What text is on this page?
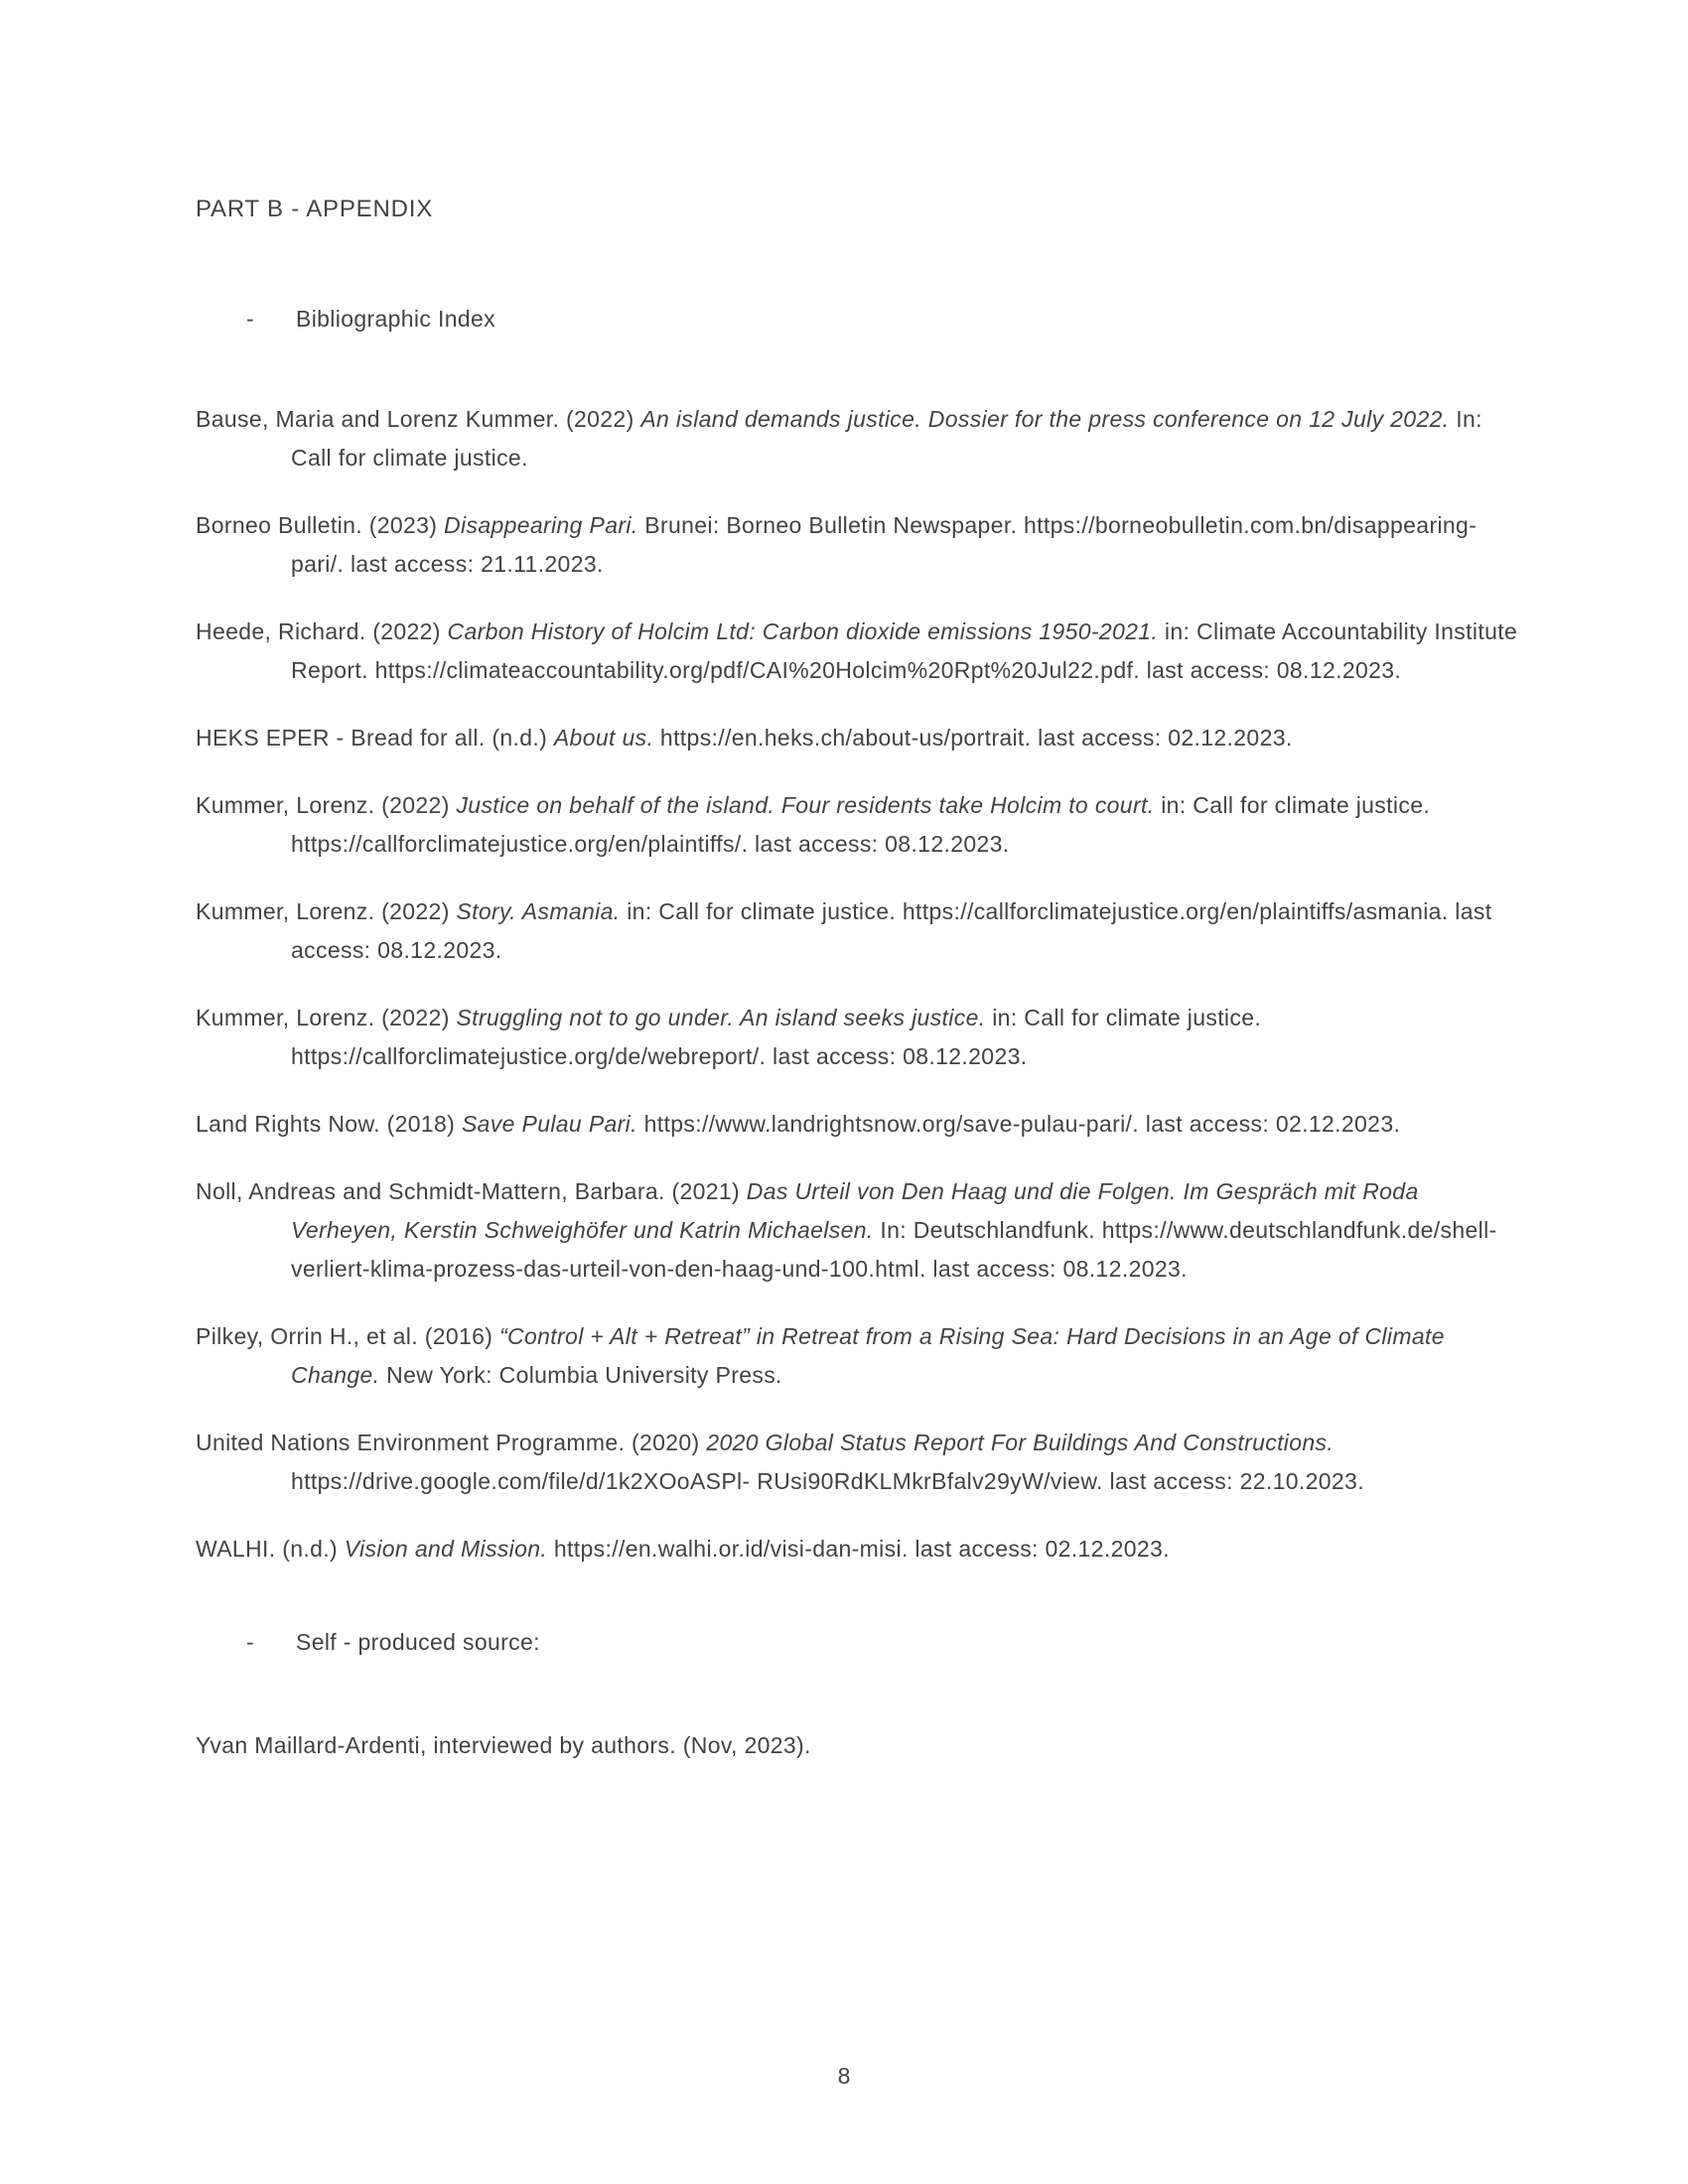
PART B - APPENDIX
- Bibliographic Index

Bause, Maria and Lorenz Kummer. (2022) An island demands justice. Dossier for the press conference on 12 July 2022. In: Call for climate justice.

Borneo Bulletin. (2023) Disappearing Pari. Brunei: Borneo Bulletin Newspaper. https://borneobulletin.com.bn/disappearing-pari/. last access: 21.11.2023.

Heede, Richard. (2022) Carbon History of Holcim Ltd: Carbon dioxide emissions 1950-2021. in: Climate Accountability Institute Report. https://climateaccountability.org/pdf/CAI%20Holcim%20Rpt%20Jul22.pdf. last access: 08.12.2023.

HEKS EPER - Bread for all. (n.d.) About us. https://en.heks.ch/about-us/portrait. last access: 02.12.2023.

Kummer, Lorenz. (2022) Justice on behalf of the island. Four residents take Holcim to court. in: Call for climate justice. https://callforclimatejustice.org/en/plaintiffs/. last access: 08.12.2023.

Kummer, Lorenz. (2022) Story. Asmania. in: Call for climate justice. https://callforclimatejustice.org/en/plaintiffs/asmania. last access: 08.12.2023.

Kummer, Lorenz. (2022) Struggling not to go under. An island seeks justice. in: Call for climate justice. https://callforclimatejustice.org/de/webreport/. last access: 08.12.2023.

Land Rights Now. (2018) Save Pulau Pari. https://www.landrightsnow.org/save-pulau-pari/. last access: 02.12.2023.

Noll, Andreas and Schmidt-Mattern, Barbara. (2021) Das Urteil von Den Haag und die Folgen. Im Gespräch mit Roda Verheyen, Kerstin Schweighöfer und Katrin Michaelsen. In: Deutschlandfunk. https://www.deutschlandfunk.de/shell-verliert-klima-prozess-das-urteil-von-den-haag-und-100.html. last access: 08.12.2023.

Pilkey, Orrin H., et al. (2016) “Control + Alt + Retreat” in Retreat from a Rising Sea: Hard Decisions in an Age of Climate Change. New York: Columbia University Press.

United Nations Environment Programme. (2020) 2020 Global Status Report For Buildings And Constructions. https://drive.google.com/file/d/1k2XOoASPl- RUsi90RdKLMkrBfalv29yW/view. last access: 22.10.2023.

WALHI. (n.d.) Vision and Mission. https://en.walhi.or.id/visi-dan-misi. last access: 02.12.2023.

- Self - produced source:

Yvan Maillard-Ardenti, interviewed by authors. (Nov, 2023).

8
